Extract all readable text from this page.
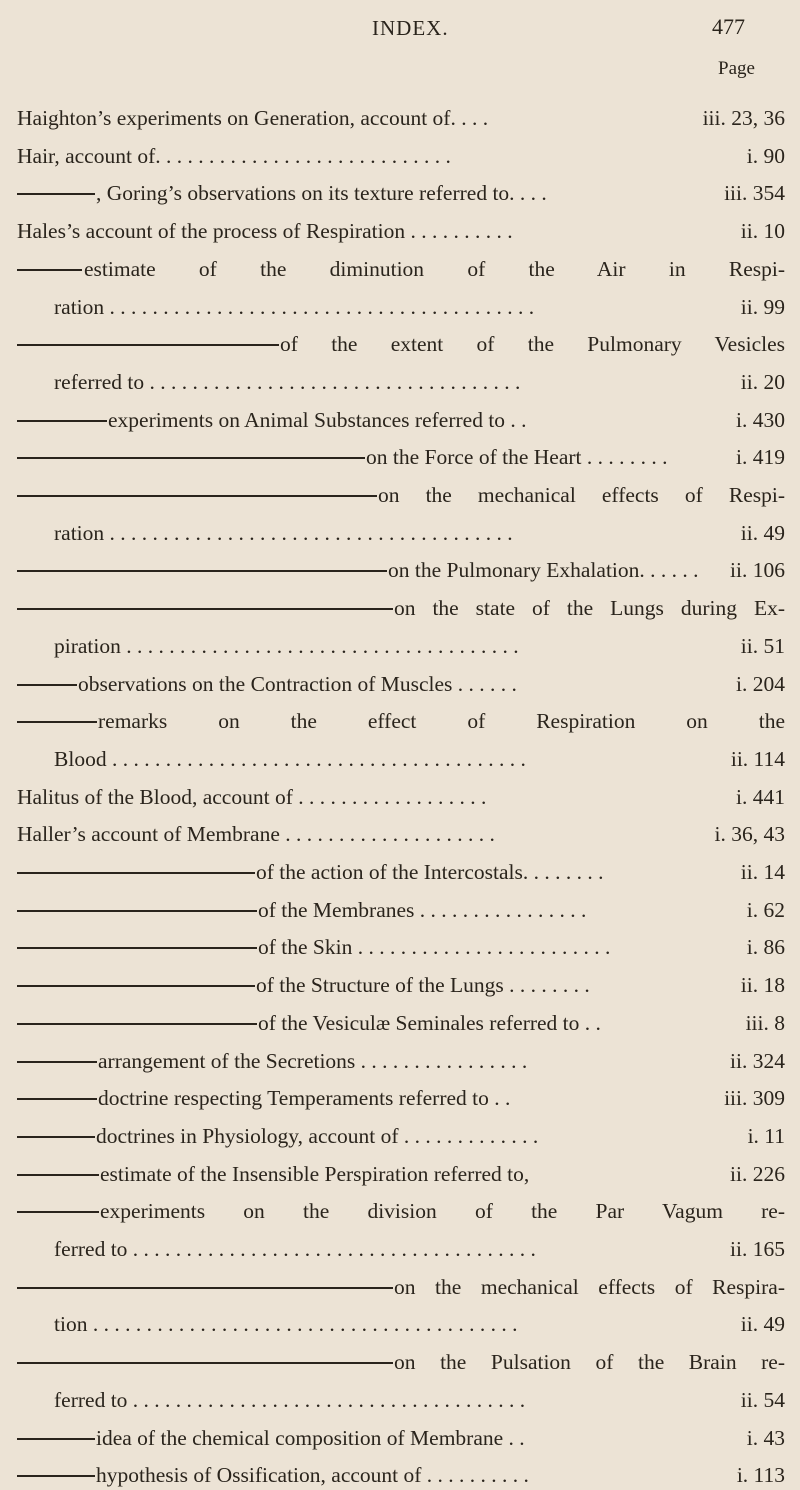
INDEX.	477
Page
Haighton’s experiments on Generation, account of. . . .	iii. 23, 36
Hair, account of. . . . . . . . . . . . . . . . . . . . . . . . . . . .	i. 90
, Goring’s observations on its texture referred to. . . .	iii. 354
Hales’s account of the process of Respiration . . . . . . . . . .	ii. 10
estimate of the diminution of the Air in Respi-
ration . . . . . . . . . . . . . . . . . . . . . . . . . . . . . . . . . . . . . . . .	ii. 99
of the extent of the Pulmonary Vesicles
referred to . . . . . . . . . . . . . . . . . . . . . . . . . . . . . . . . . . .	ii. 20
experiments on Animal Substances referred to . .	i. 430
on the Force of the Heart . . . . . . . .	i. 419
on the mechanical effects of Respi-
ration . . . . . . . . . . . . . . . . . . . . . . . . . . . . . . . . . . . . . .	ii. 49
on the Pulmonary Exhalation. . . . . . ii. 106
on the state of the Lungs during Ex-
piration . . . . . . . . . . . . . . . . . . . . . . . . . . . . . . . . . . . . .	ii. 51
observations on the Contraction of Muscles . . . . . .	i. 204
remarks on the effect of Respiration on the
Blood . . . . . . . . . . . . . . . . . . . . . . . . . . . . . . . . . . . . . . .	ii. 114
Halitus of the Blood, account of . . . . . . . . . . . . . . . . . .	i. 441
Haller’s account of Membrane . . . . . . . . . . . . . . . . . . . .	i. 36, 43
of the action of the Intercostals. . . . . . . .	ii. 14
of the Membranes . . . . . . . . . . . . . . . .	i. 62
of the Skin . . . . . . . . . . . . . . . . . . . . . . . .	i. 86
of the Structure of the Lungs . . . . . . . .	ii. 18
of the Vesiculæ Seminales referred to . .	iii. 8
arrangement of the Secretions . . . . . . . . . . . . . . . .	ii. 324
doctrine respecting Temperaments referred to . .	iii. 309
doctrines in Physiology, account of . . . . . . . . . . . . .	i. 11
estimate of the Insensible Perspiration referred to,	ii. 226
experiments on the division of the Par Vagum re-
ferred to . . . . . . . . . . . . . . . . . . . . . . . . . . . . . . . . . . . . . .	ii. 165
on the mechanical effects of Respira-
tion . . . . . . . . . . . . . . . . . . . . . . . . . . . . . . . . . . . . . . . .	ii. 49
on the Pulsation of the Brain re-
ferred to . . . . . . . . . . . . . . . . . . . . . . . . . . . . . . . . . . . . .	ii. 54
idea of the chemical composition of Membrane . .	i. 43
hypothesis of Ossification, account of . . . . . . . . . .	i. 113
